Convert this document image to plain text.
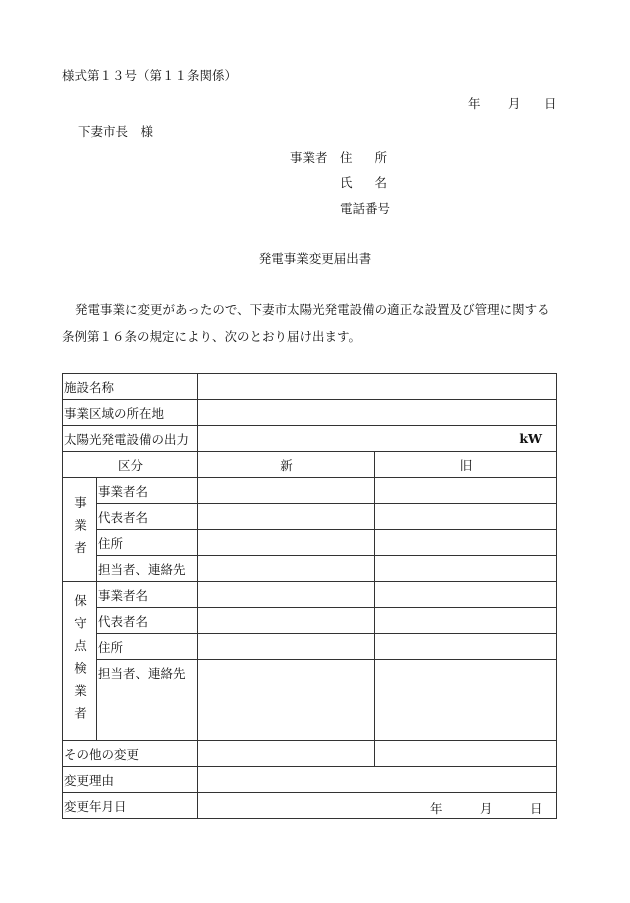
様式第１３号（第１１条関係）
年 月 日
下妻市長　様
事業者 住所
氏名
電話番号
発電事業変更届出書
発電事業に変更があったので、下妻市太陽光発電設備の適正な設置及び管理に関する条例第１６条の規定により、次のとおり届け出ます。
施設名称			
事業区域の所在地			
太陽光発電設備の出力		kW	

区分		新	旧
事業者	事業者名		
	代表者名		
	住所		
	担当者、連絡先		
保守点検業者	事業者名		
	代表者名		
	住所		
	担当者、連絡先		
その他の変更			
変更理由			
変更年月日		年 月 日	
